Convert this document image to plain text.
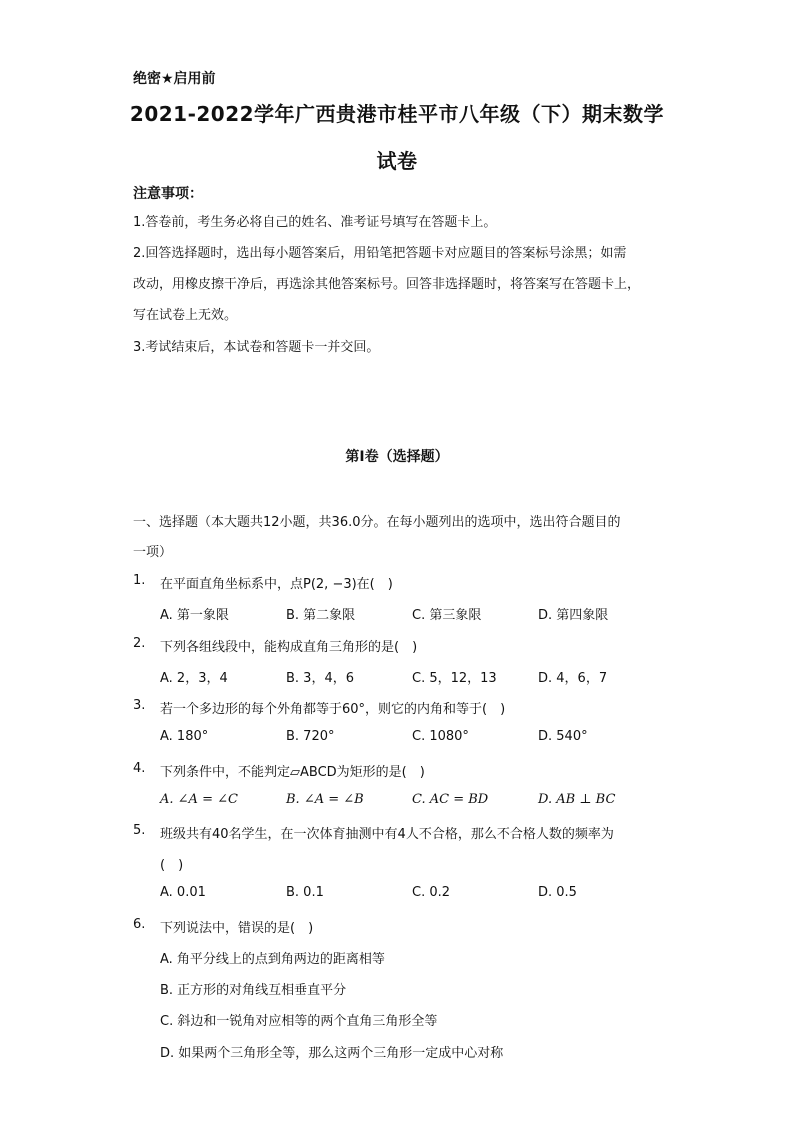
绝密★启用前
2021-2022学年广西贵港市桂平市八年级（下）期末数学
试卷
注意事项：
1.答卷前，考生务必将自己的姓名、准考证号填写在答题卡上。
2.回答选择题时，选出每小题答案后，用铅笔把答题卡对应题目的答案标号涂黑；如需
改动，用橡皮擦干净后，再选涂其他答案标号。回答非选择题时，将答案写在答题卡上，
写在试卷上无效。
3.考试结束后，本试卷和答题卡一并交回。
第I卷（选择题）
一、选择题（本大题共12小题，共36.0分。在每小题列出的选项中，选出符合题目的
一项）
1. 在平面直角坐标系中，点P(2, −3)在(　)
A. 第一象限	B. 第二象限	C. 第三象限	D. 第四象限
2. 下列各组线段中，能构成直角三角形的是(　)
A. 2，3，4	B. 3，4，6	C. 5，12，13	D. 4，6，7
3. 若一个多边形的每个外角都等于60°，则它的内角和等于(　)
A. 180°	B. 720°	C. 1080°	D. 540°
4. 下列条件中，不能判定▱ABCD为矩形的是(　)
A. ∠A = ∠C	B. ∠A = ∠B	C. AC = BD	D. AB ⊥ BC
5. 班级共有40名学生，在一次体育抽测中有4人不合格，那么不合格人数的频率为
(　)
A. 0.01	B. 0.1	C. 0.2	D. 0.5
6. 下列说法中，错误的是(　)
A. 角平分线上的点到角两边的距离相等
B. 正方形的对角线互相垂直平分
C. 斜边和一锐角对应相等的两个直角三角形全等
D. 如果两个三角形全等，那么这两个三角形一定成中心对称
